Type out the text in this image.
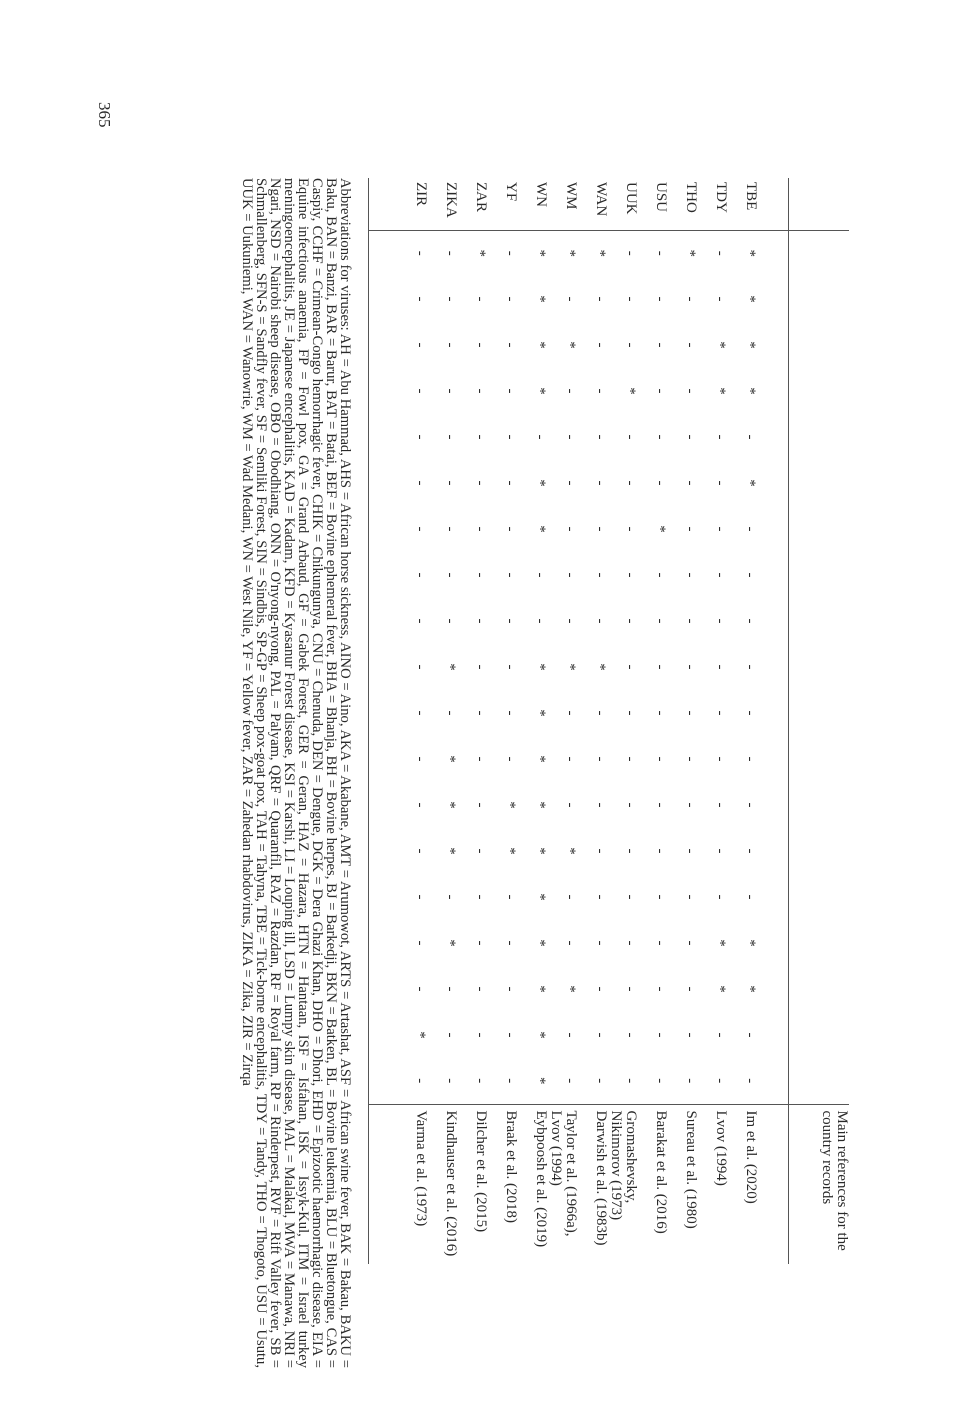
365
																				Main references for the country records

TBE	*	*	*	*	-	*	-	-	-	-	-	-	-	-	-	*	*	-	-	Im et al. (2020)
TDY	-	-	*	*	-	-	-	-	-	-	-	-	-	-	-	*	*	-	-	Lvov (1994)
THO	*	-	-	-	-	-	-	-	-	-	-	-	-	-	-	-	-	-	-	Sureau et al. (1980)
USU	-	-	-	-	-	-	*	-	-	-	-	-	-	-	-	-	-	-	-	Barakat et al. (2016)
UUK	-	-	-	*	-	-	-	-	-	-	-	-	-	-	-	-	-	-	-	Gromashevsky, Nikimorov (1973)
WAN	*	-	-	-	-	-	-	-	-	*	-	-	-	-	-	-	-	-	-	Darwish et al. (1983b)
WM	*	-	*	-	-	-	-	-	-	*	-	-	-	*	-	-	*	-	-	Taylor et al. (1966a), Lvov (1994)
WN	*	*	*	*	-	*	*	-	-	*	*	*	*	*	*	*	*	*	*	Eybpoosh et al. (2019)
YF	-	-	-	-	-	-	-	-	-	-	-	-	*	*	-	-	-	-	-	Braak et al. (2018)
ZAR	*	-	-	-	-	-	-	-	-	-	-	-	-	-	-	-	-	-	-	Dilcher et al. (2015)
ZIKA	-	-	-	-	-	-	-	-	-	*	-	*	*	*	-	*	-	-	-	Kindhauser et al. (2016)
ZIR	-	-	-	-	-	-	-	-	-	-	-	-	-	-	-	-	-	*	-	Varma et al. (1973)

Abbreviations for viruses: AH = Abu Hammad, AHS = African horse sickness, AINO = Aino, AKA = Akabane, AMT = Arumowot, ARTS = Artashat, ASF = African swine fever, BAK = Bakau, BAKU = Baku, BAN = Banzi, BAR = Barur, BAT = Batai, BEF = Bovine ephemeral fever, BHA = Bhanja, BH = Bovine herpes, BJ = Barkedji, BKN = Batken, BL = Bovine leukemia, BLU = Bluetongue, CAS = Caspiy, CCHF = Crimean-Congo hemorrhagic fever, CHIK = Chikungunya, CNU = Chenuda, DEN = Dengue, DGK = Dera Ghazi Khan, DHO = Dhori, EHD = Epizootic haemorrhagic disease, EIA = Equine infectious anaemia, FP = Fowl pox, GA = Grand Arbaud, GF = Gabek Forest, GER = Geran, HAZ = Hazara, HTN = Hantaan, ISF = Isfahan, ISK = Issyk-Kul, ITM = Israel turkey meningoencephalitis, JE = Japanese encephalitis, KAD = Kadam, KFD = Kyasanur Forest disease, KSI = Karshi, LI = Louping ill, LSD = Lumpy skin disease, MAL = Malakal, MWA = Manawa, NRI = Ngari, NSD = Nairobi sheep disease, OBO = Obodhiang, ONN = O'nyong-nyong, PAL = Palyam, QRF = Quaranfil, RAZ = Razdan, RF = Royal farm, RP = Rinderpest, RVF = Rift Valley fever, SB = Schmallenberg, SFN-S = Sandfly fever, SF = Semliki Forest, SIN = Sindbis, SP-GP = Sheep pox-goat pox, TAH = Tahyna, TBE = Tick-borne encephalitis, TDY = Tandy, THO = Thogoto, USU = Usutu, UUK = Uukuniemi, WAN = Wanowrie, WM = Wad Medani, WN = West Nile, YF = Yellow fever, ZAR = Zahedan rhabdovirus, ZIKA = Zika, ZIR = Zirqa
